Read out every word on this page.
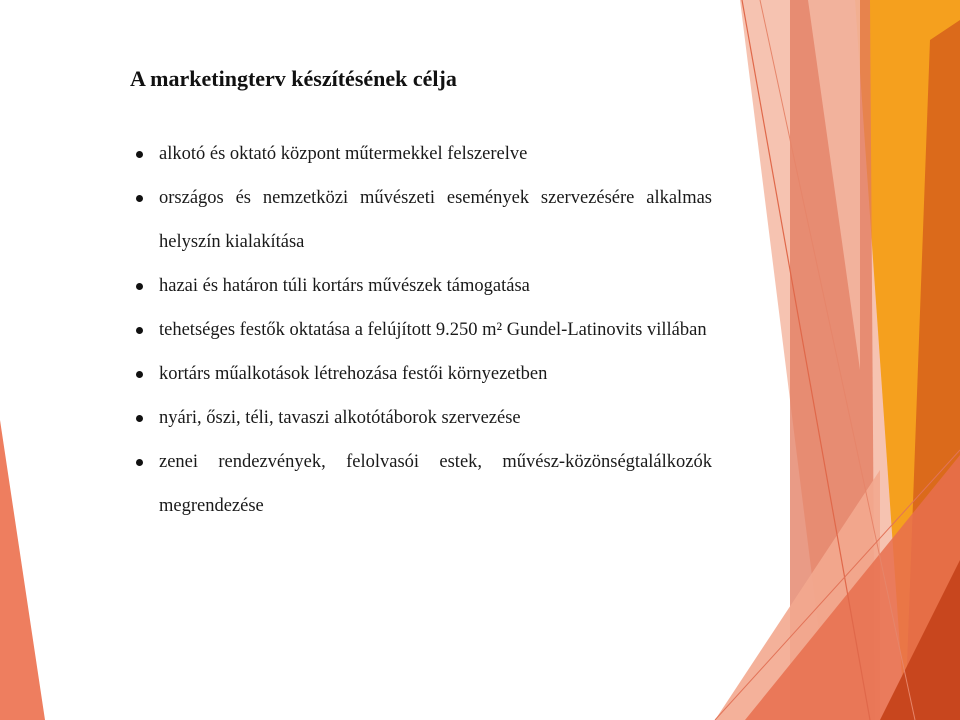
A marketingterv készítésének célja
alkotó és oktató központ műtermekkel felszerelve
országos és nemzetközi művészeti események szervezésére alkalmas helyszín kialakítása
hazai és határon túli kortárs művészek támogatása
tehetséges festők oktatása a felújított 9.250 m² Gundel-Latinovits villában
kortárs műalkotások létrehozása festői környezetben
nyári, őszi, téli, tavaszi alkotótáborok szervezése
zenei rendezvények, felolvasói estek, művész-közönségtalálkozók megrendezése
